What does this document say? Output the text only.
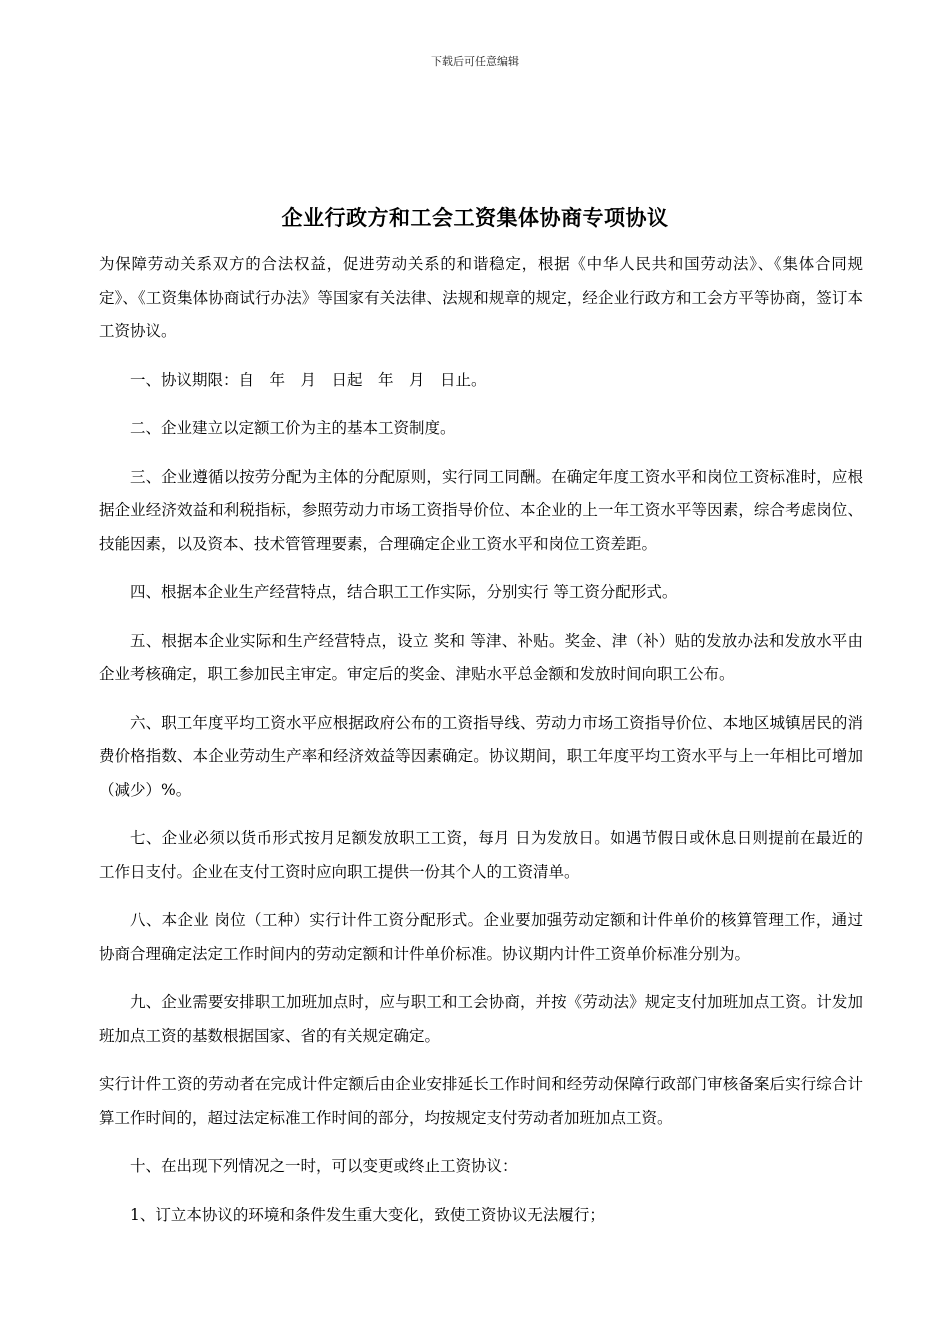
下载后可任意编辑
企业行政方和工会工资集体协商专项协议

为保障劳动关系双方的合法权益，促进劳动关系的和谐稳定，根据《中华人民共和国劳动法》、《集体合同规定》、《工资集体协商试行办法》等国家有关法律、法规和规章的规定，经企业行政方和工会方平等协商，签订本工资协议。

一、协议期限：自　年　月　日起　年　月　日止。

二、企业建立以定额工价为主的基本工资制度。

三、企业遵循以按劳分配为主体的分配原则，实行同工同酬。在确定年度工资水平和岗位工资标准时，应根据企业经济效益和利税指标，参照劳动力市场工资指导价位、本企业的上一年工资水平等因素，综合考虑岗位、技能因素，以及资本、技术管管理要素，合理确定企业工资水平和岗位工资差距。

四、根据本企业生产经营特点，结合职工工作实际，分别实行 等工资分配形式。

五、根据本企业实际和生产经营特点，设立 奖和 等津、补贴。奖金、津（补）贴的发放办法和发放水平由企业考核确定，职工参加民主审定。审定后的奖金、津贴水平总金额和发放时间向职工公布。

六、职工年度平均工资水平应根据政府公布的工资指导线、劳动力市场工资指导价位、本地区城镇居民的消费价格指数、本企业劳动生产率和经济效益等因素确定。协议期间，职工年度平均工资水平与上一年相比可增加（减少）%。

七、企业必须以货币形式按月足额发放职工工资，每月 日为发放日。如遇节假日或休息日则提前在最近的工作日支付。企业在支付工资时应向职工提供一份其个人的工资清单。

八、本企业 岗位（工种）实行计件工资分配形式。企业要加强劳动定额和计件单价的核算管理工作，通过协商合理确定法定工作时间内的劳动定额和计件单价标准。协议期内计件工资单价标准分别为。

九、企业需要安排职工加班加点时，应与职工和工会协商，并按《劳动法》规定支付加班加点工资。计发加班加点工资的基数根据国家、省的有关规定确定。

实行计件工资的劳动者在完成计件定额后由企业安排延长工作时间和经劳动保障行政部门审核备案后实行综合计算工作时间的，超过法定标准工作时间的部分，均按规定支付劳动者加班加点工资。

十、在出现下列情况之一时，可以变更或终止工资协议：

1、订立本协议的环境和条件发生重大变化，致使工资协议无法履行；
